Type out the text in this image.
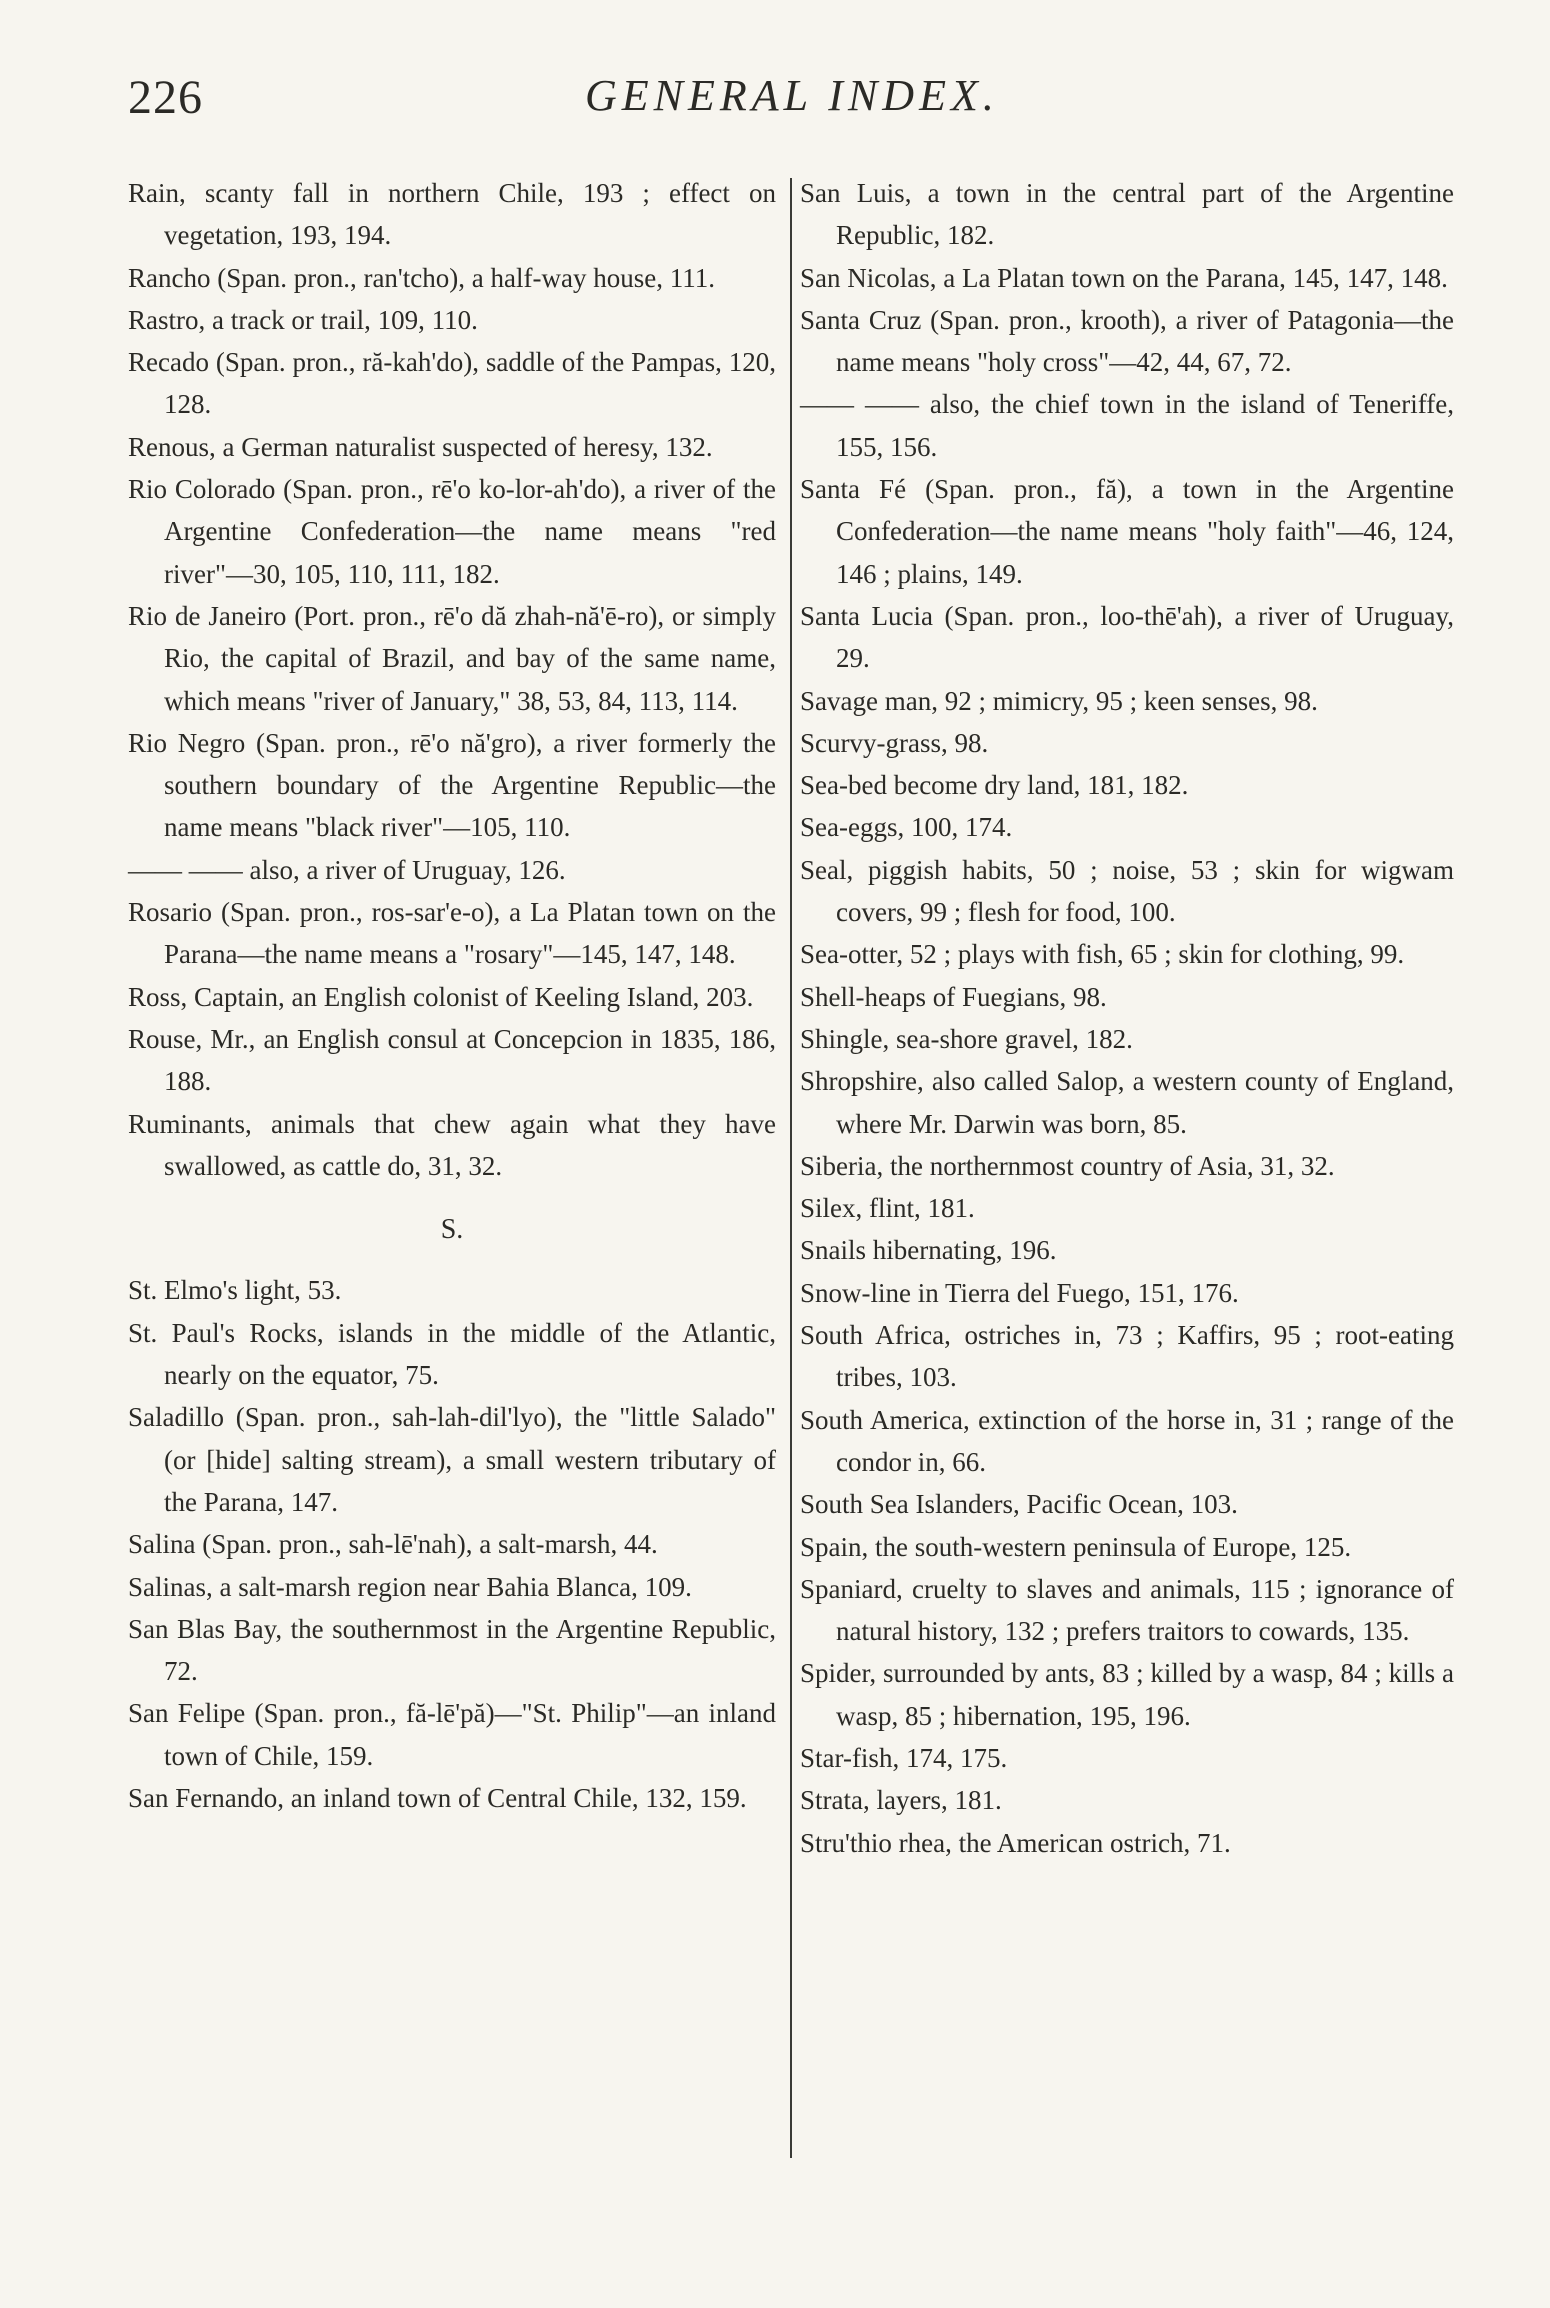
226	GENERAL INDEX.

Rain, scanty fall in northern Chile, 193 ; effect on vegetation, 193, 194.

Rancho (Span. pron., ran'tcho), a half-way house, 111.

Rastro, a track or trail, 109, 110.

Recado (Span. pron., ră-kah'do), saddle of the Pampas, 120, 128.

Renous, a German naturalist suspected of heresy, 132.

Rio Colorado (Span. pron., rē'o ko-lor-ah'do), a river of the Argentine Confederation—the name means "red river"—30, 105, 110, 111, 182.

Rio de Janeiro (Port. pron., rē'o dă zhah-nă'ē-ro), or simply Rio, the capital of Brazil, and bay of the same name, which means "river of January," 38, 53, 84, 113, 114.

Rio Negro (Span. pron., rē'o nă'gro), a river formerly the southern boundary of the Argentine Republic—the name means "black river"—105, 110.

—— —— also, a river of Uruguay, 126.

Rosario (Span. pron., ros-sar'e-o), a La Platan town on the Parana—the name means a "rosary"—145, 147, 148.

Ross, Captain, an English colonist of Keeling Island, 203.

Rouse, Mr., an English consul at Concepcion in 1835, 186, 188.

Ruminants, animals that chew again what they have swallowed, as cattle do, 31, 32.

S.

St. Elmo's light, 53.

St. Paul's Rocks, islands in the middle of the Atlantic, nearly on the equator, 75.

Saladillo (Span. pron., sah-lah-dil'lyo), the "little Salado" (or [hide] salting stream), a small western tributary of the Parana, 147.

Salina (Span. pron., sah-lē'nah), a salt-marsh, 44.

Salinas, a salt-marsh region near Bahia Blanca, 109.

San Blas Bay, the southernmost in the Argentine Republic, 72.

San Felipe (Span. pron., fă-lē'pă)—"St. Philip"—an inland town of Chile, 159.

San Fernando, an inland town of Central Chile, 132, 159.

San Luis, a town in the central part of the Argentine Republic, 182.

San Nicolas, a La Platan town on the Parana, 145, 147, 148.

Santa Cruz (Span. pron., krooth), a river of Patagonia—the name means "holy cross"—42, 44, 67, 72.

—— —— also, the chief town in the island of Teneriffe, 155, 156.

Santa Fé (Span. pron., fă), a town in the Argentine Confederation—the name means "holy faith"—46, 124, 146 ; plains, 149.

Santa Lucia (Span. pron., loo-thē'ah), a river of Uruguay, 29.

Savage man, 92 ; mimicry, 95 ; keen senses, 98.

Scurvy-grass, 98.

Sea-bed become dry land, 181, 182.

Sea-eggs, 100, 174.

Seal, piggish habits, 50 ; noise, 53 ; skin for wigwam covers, 99 ; flesh for food, 100.

Sea-otter, 52 ; plays with fish, 65 ; skin for clothing, 99.

Shell-heaps of Fuegians, 98.

Shingle, sea-shore gravel, 182.

Shropshire, also called Salop, a western county of England, where Mr. Darwin was born, 85.

Siberia, the northernmost country of Asia, 31, 32.

Silex, flint, 181.

Snails hibernating, 196.

Snow-line in Tierra del Fuego, 151, 176.

South Africa, ostriches in, 73 ; Kaffirs, 95 ; root-eating tribes, 103.

South America, extinction of the horse in, 31 ; range of the condor in, 66.

South Sea Islanders, Pacific Ocean, 103.

Spain, the south-western peninsula of Europe, 125.

Spaniard, cruelty to slaves and animals, 115 ; ignorance of natural history, 132 ; prefers traitors to cowards, 135.

Spider, surrounded by ants, 83 ; killed by a wasp, 84 ; kills a wasp, 85 ; hibernation, 195, 196.

Star-fish, 174, 175.

Strata, layers, 181.

Stru'thio rhea, the American ostrich, 71.
